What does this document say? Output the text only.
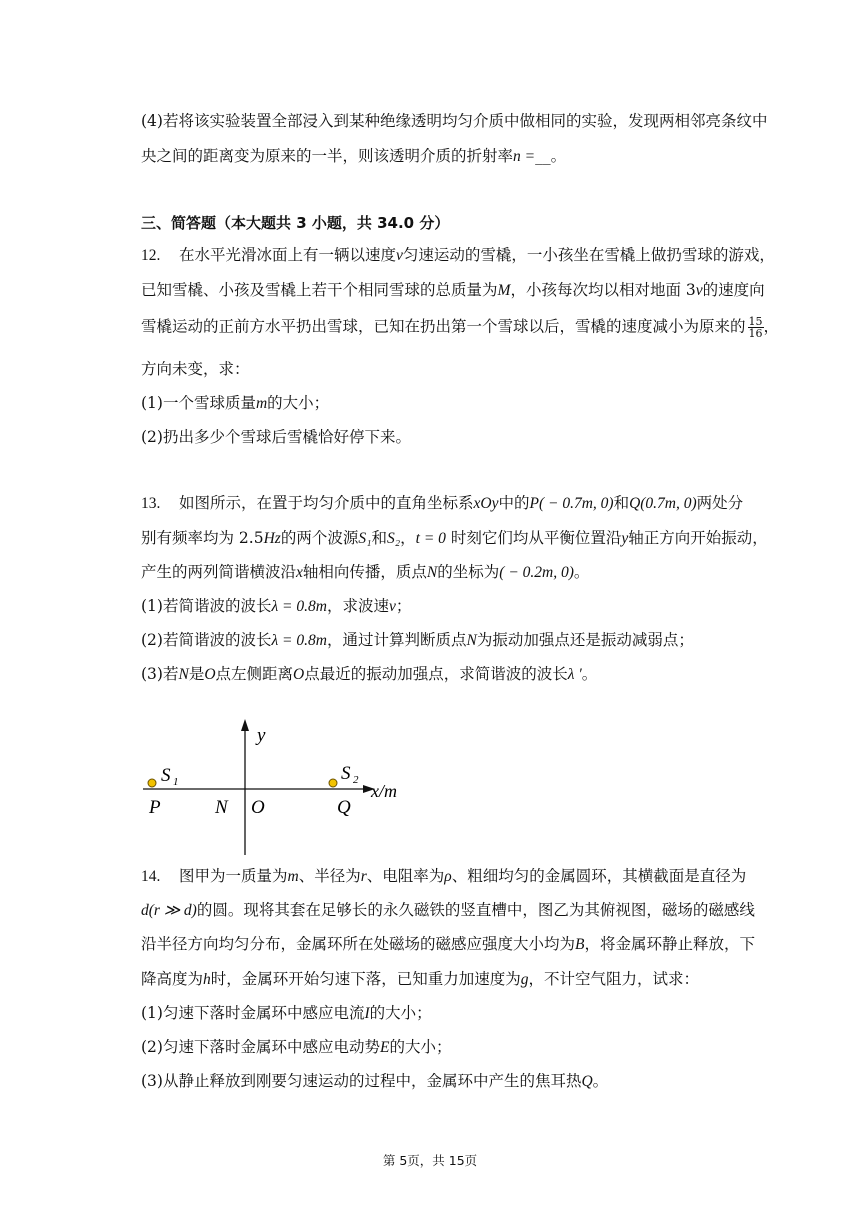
(4)若将该实验装置全部浸入到某种绝缘透明均匀介质中做相同的实验，发现两相邻亮条纹中
央之间的距离变为原来的一半，则该透明介质的折射率n =__。
三、简答题（本大题共 3 小题，共 34.0 分）
12. 在水平光滑冰面上有一辆以速度v匀速运动的雪橇，一小孩坐在雪橇上做扔雪球的游戏，
已知雪橇、小孩及雪橇上若干个相同雪球的总质量为M，小孩每次均以相对地面 3v的速度向
雪橇运动的正前方水平扔出雪球，已知在扔出第一个雪球以后，雪橇的速度减小为原来的 $\frac{15}{16}$ ，
方向未变，求：
(1)一个雪球质量m的大小；
(2)扔出多少个雪球后雪橇恰好停下来。
13. 如图所示，在置于均匀介质中的直角坐标系xOy中的P( − 0.7m, 0)和Q(0.7m, 0)两处分
别有频率均为 2.5Hz的两个波源S₁和S₂，t = 0 时刻它们均从平衡位置沿y轴正方向开始振动，
产生的两列简谐横波沿x轴相向传播，质点N的坐标为( − 0.2m, 0)。
(1)若简谐波的波长λ = 0.8m，求波速v；
(2)若简谐波的波长λ = 0.8m，通过计算判断质点N为振动加强点还是振动减弱点；
(3)若N是O点左侧距离O点最近的振动加强点，求简谐波的波长λ ′。
y
x/m
S 1	S 2
P	N O	Q
14. 图甲为一质量为m、半径为r、电阻率为ρ、粗细均匀的金属圆环，其横截面是直径为
d(r ≫ d)的圆。现将其套在足够长的永久磁铁的竖直槽中，图乙为其俯视图，磁场的磁感线
沿半径方向均匀分布，金属环所在处磁场的磁感应强度大小均为B，将金属环静止释放，下
降高度为h时，金属环开始匀速下落，已知重力加速度为g，不计空气阻力，试求：
(1)匀速下落时金属环中感应电流I的大小；
(2)匀速下落时金属环中感应电动势E的大小；
(3)从静止释放到刚要匀速运动的过程中，金属环中产生的焦耳热Q。
第 5页，共 15页
